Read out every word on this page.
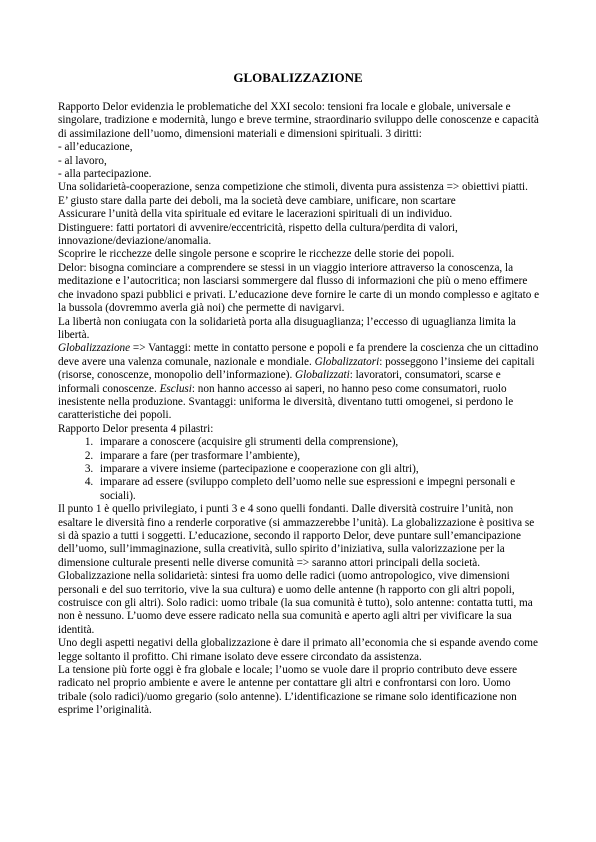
GLOBALIZZAZIONE

Rapporto Delor evidenzia le problematiche del XXI secolo: tensioni fra locale e globale, universale e singolare, tradizione e modernità, lungo e breve termine, straordinario sviluppo delle conoscenze e capacità di assimilazione dell’uomo, dimensioni materiali e dimensioni spirituali. 3 diritti:

- all’educazione,

- al lavoro,

- alla partecipazione.

Una solidarietà-cooperazione, senza competizione che stimoli, diventa pura assistenza => obiettivi piatti.

E’ giusto stare dalla parte dei deboli, ma la società deve cambiare, unificare, non scartare

Assicurare l’unità della vita spirituale ed evitare le lacerazioni spirituali di un individuo.

Distinguere: fatti portatori di avvenire/eccentricità, rispetto della cultura/perdita di valori, innovazione/deviazione/anomalia.

Scoprire le ricchezze delle singole persone e scoprire le ricchezze delle storie dei popoli.

Delor: bisogna cominciare a comprendere se stessi in un viaggio interiore attraverso la conoscenza, la meditazione e l’autocritica; non lasciarsi sommergere dal flusso di informazioni che più o meno effimere che invadono spazi pubblici e privati. L’educazione deve fornire le carte di un mondo complesso e agitato e la bussola (dovremmo averla già noi) che permette di navigarvi.

La libertà non coniugata con la solidarietà porta alla disuguaglianza; l’eccesso di uguaglianza limita la libertà.

Globalizzazione => Vantaggi: mette in contatto persone e popoli e fa prendere la coscienza che un cittadino deve avere una valenza comunale, nazionale e mondiale. Globalizzatori: posseggono l’insieme dei capitali (risorse, conoscenze, monopolio dell’informazione). Globalizzati: lavoratori, consumatori, scarse e informali conoscenze. Esclusi: non hanno accesso ai saperi, no hanno peso come consumatori, ruolo inesistente nella produzione. Svantaggi: uniforma le diversità, diventano tutti omogenei, si perdono le caratteristiche dei popoli.

Rapporto Delor presenta 4 pilastri:

1. imparare a conoscere (acquisire gli strumenti della comprensione),
2. imparare a fare (per trasformare l’ambiente),
3. imparare a vivere insieme (partecipazione e cooperazione con gli altri),
4. imparare ad essere (sviluppo completo dell’uomo nelle sue espressioni e impegni personali e sociali).

Il punto 1 è quello privilegiato, i punti 3 e 4 sono quelli fondanti. Dalle diversità costruire l’unità, non esaltare le diversità fino a renderle corporative (si ammazzerebbe l’unità). La globalizzazione è positiva se si dà spazio a tutti i soggetti. L’educazione, secondo il rapporto Delor, deve puntare sull’emancipazione dell’uomo, sull’immaginazione, sulla creatività, sullo spirito d’iniziativa, sulla valorizzazione per la dimensione culturale presenti nelle diverse comunità => saranno attori principali della società.

Globalizzazione nella solidarietà: sintesi fra uomo delle radici (uomo antropologico, vive dimensioni personali e del suo territorio, vive la sua cultura) e uomo delle antenne (h rapporto con gli altri popoli, costruisce con gli altri). Solo radici: uomo tribale (la sua comunità è tutto), solo antenne: contatta tutti, ma non è nessuno. L’uomo deve essere radicato nella sua comunità e aperto agli altri per vivificare la sua identità.

Uno degli aspetti negativi della globalizzazione è dare il primato all’economia che si espande avendo come legge soltanto il profitto. Chi rimane isolato deve essere circondato da assistenza.

La tensione più forte oggi è fra globale e locale; l’uomo se vuole dare il proprio contributo deve essere radicato nel proprio ambiente e avere le antenne per contattare gli altri e confrontarsi con loro. Uomo tribale (solo radici)/uomo gregario (solo antenne). L’identificazione se rimane solo identificazione non esprime l’originalità.
